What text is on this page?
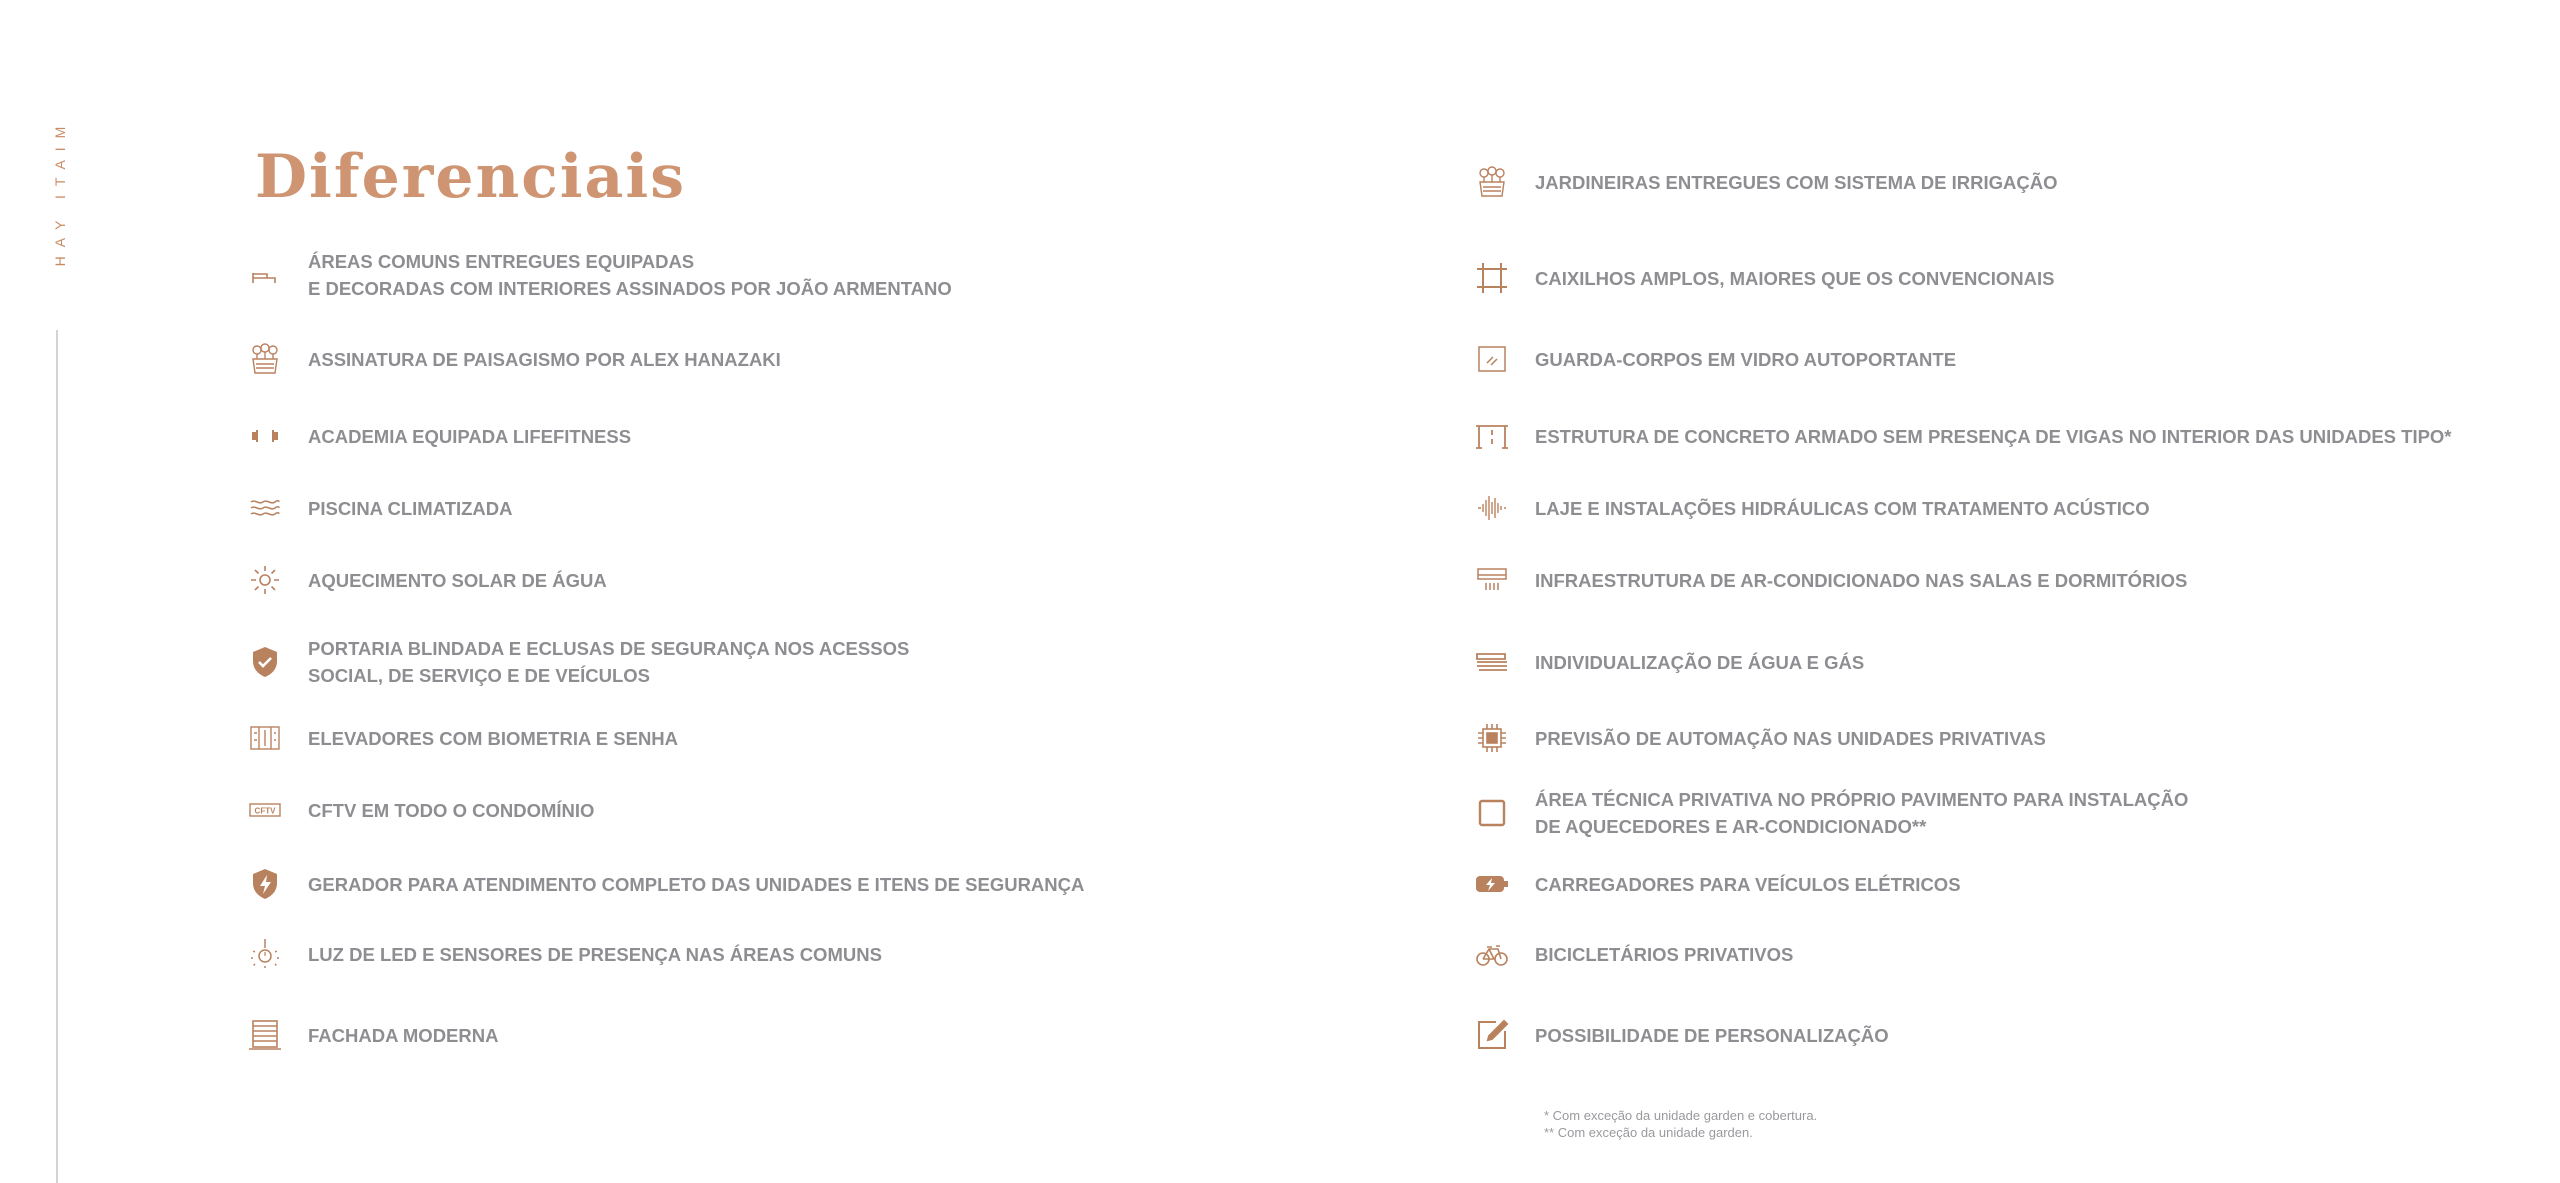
HAY ITAIM	Diferenciais
ÁREAS COMUNS ENTREGUES EQUIPADAS
E DECORADAS COM INTERIORES ASSINADOS POR JOÃO ARMENTANO
ASSINATURA DE PAISAGISMO POR ALEX HANAZAKI
ACADEMIA EQUIPADA LIFEFITNESS
PISCINA CLIMATIZADA
AQUECIMENTO SOLAR DE ÁGUA
PORTARIA BLINDADA E ECLUSAS DE SEGURANÇA NOS ACESSOS
SOCIAL, DE SERVIÇO E DE VEÍCULOS
ELEVADORES COM BIOMETRIA E SENHA
CFTV CFTV EM TODO O CONDOMÍNIO
GERADOR PARA ATENDIMENTO COMPLETO DAS UNIDADES E ITENS DE SEGURANÇA
LUZ DE LED E SENSORES DE PRESENÇA NAS ÁREAS COMUNS
FACHADA MODERNA
JARDINEIRAS ENTREGUES COM SISTEMA DE IRRIGAÇÃO
CAIXILHOS AMPLOS, MAIORES QUE OS CONVENCIONAIS
GUARDA-CORPOS EM VIDRO AUTOPORTANTE
ESTRUTURA DE CONCRETO ARMADO SEM PRESENÇA DE VIGAS NO INTERIOR DAS UNIDADES TIPO*
LAJE E INSTALAÇÕES HIDRÁULICAS COM TRATAMENTO ACÚSTICO
INFRAESTRUTURA DE AR-CONDICIONADO NAS SALAS E DORMITÓRIOS
INDIVIDUALIZAÇÃO DE ÁGUA E GÁS
PREVISÃO DE AUTOMAÇÃO NAS UNIDADES PRIVATIVAS
ÁREA TÉCNICA PRIVATIVA NO PRÓPRIO PAVIMENTO PARA INSTALAÇÃO
DE AQUECEDORES E AR-CONDICIONADO**
CARREGADORES PARA VEÍCULOS ELÉTRICOS
BICICLETÁRIOS PRIVATIVOS
POSSIBILIDADE DE PERSONALIZAÇÃO
* Com exceção da unidade garden e cobertura.
** Com exceção da unidade garden.
